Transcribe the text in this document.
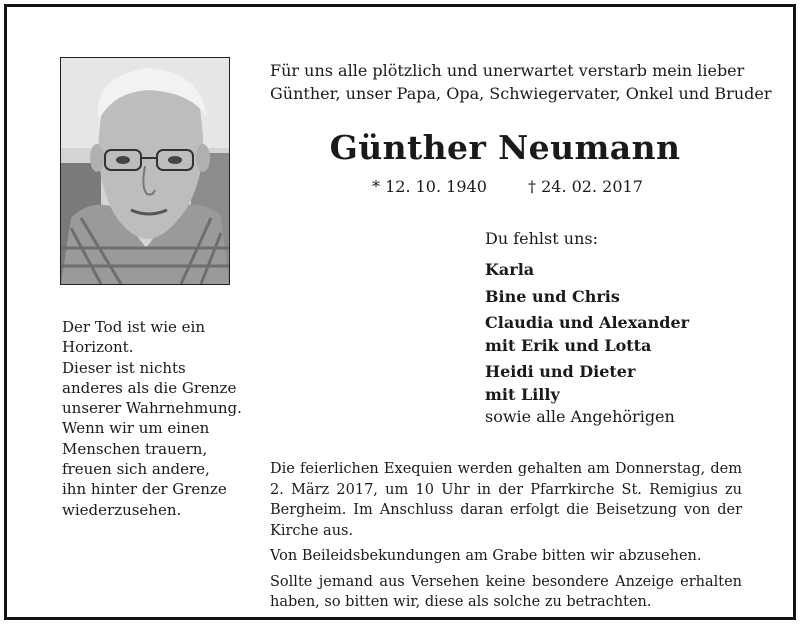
Der Tod ist wie ein
Horizont.
Dieser ist nichts
anderes als die Grenze
unserer Wahrnehmung.
Wenn wir um einen
Menschen trauern,
freuen sich andere,
ihn hinter der Grenze
wiederzusehen.
Für uns alle plötzlich und unerwartet verstarb mein lieber
Günther, unser Papa, Opa, Schwiegervater, Onkel und Bruder
Günther Neumann
* 12. 10. 1940	† 24. 02. 2017
Du fehlst uns:
Karla
Bine und Chris
Claudia und Alexander
mit Erik und Lotta
Heidi und Dieter
mit Lilly
sowie alle Angehörigen

Die feierlichen Exequien werden gehalten am Donnerstag, dem 2. März 2017, um 10 Uhr in der Pfarrkirche St. Remigius zu Bergheim. Im Anschluss daran erfolgt die Beisetzung von der Kirche aus.

Von Beileidsbekundungen am Grabe bitten wir abzusehen.

Sollte jemand aus Versehen keine besondere Anzeige erhalten haben, so bitten wir, diese als solche zu betrachten.
